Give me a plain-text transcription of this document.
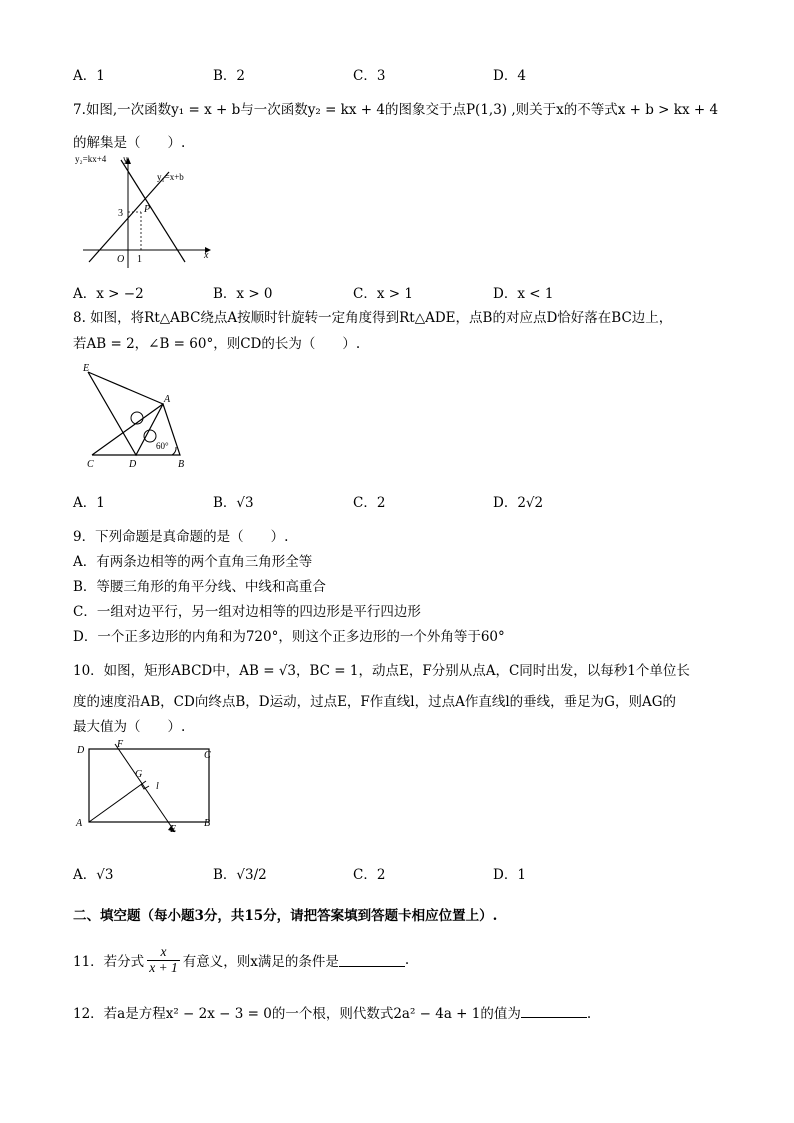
A．1	B．2	C．3	D．4
7.如图,一次函数y₁ = x + b与一次函数y₂ = kx + 4的图象交于点P(1,3) ,则关于x的不等式x + b > kx + 4
的解集是（　　）.
y₂=kx+4 y
y₁=x+b
3 P
O 1	x
A．x > −2	B．x > 0	C．x > 1	D．x < 1
8. 如图，将Rt△ABC绕点A按顺时针旋转一定角度得到Rt△ADE，点B的对应点D恰好落在BC边上，
若AB = 2，∠B = 60°，则CD的长为（　　）.
E
A
C	D	B
60°
A．1	B．√3	C．2	D．2√2
9．下列命题是真命题的是（　　）.
A．有两条边相等的两个直角三角形全等
B．等腰三角形的角平分线、中线和高重合
C．一组对边平行，另一组对边相等的四边形是平行四边形
D．一个正多边形的内角和为720°，则这个正多边形的一个外角等于60°
10．如图，矩形ABCD中，AB = √3，BC = 1，动点E，F分别从点A，C同时出发，以每秒1个单位长
度的速度沿AB，CD向终点B，D运动，过点E，F作直线l，过点A作直线l的垂线，垂足为G，则AG的
最大值为（　　）.
D
F
C
G
l
A
E
B
A．√3	B．√3/2	C．2	D．1
二、填空题（每小题3分，共15分，请把答案填到答题卡相应位置上）.
11．若分式 $\frac{x}{x + 1}$ 有意义，则x满足的条件是	.
12．若a是方程x² − 2x − 3 = 0的一个根，则代数式2a² − 4a + 1的值为	.
